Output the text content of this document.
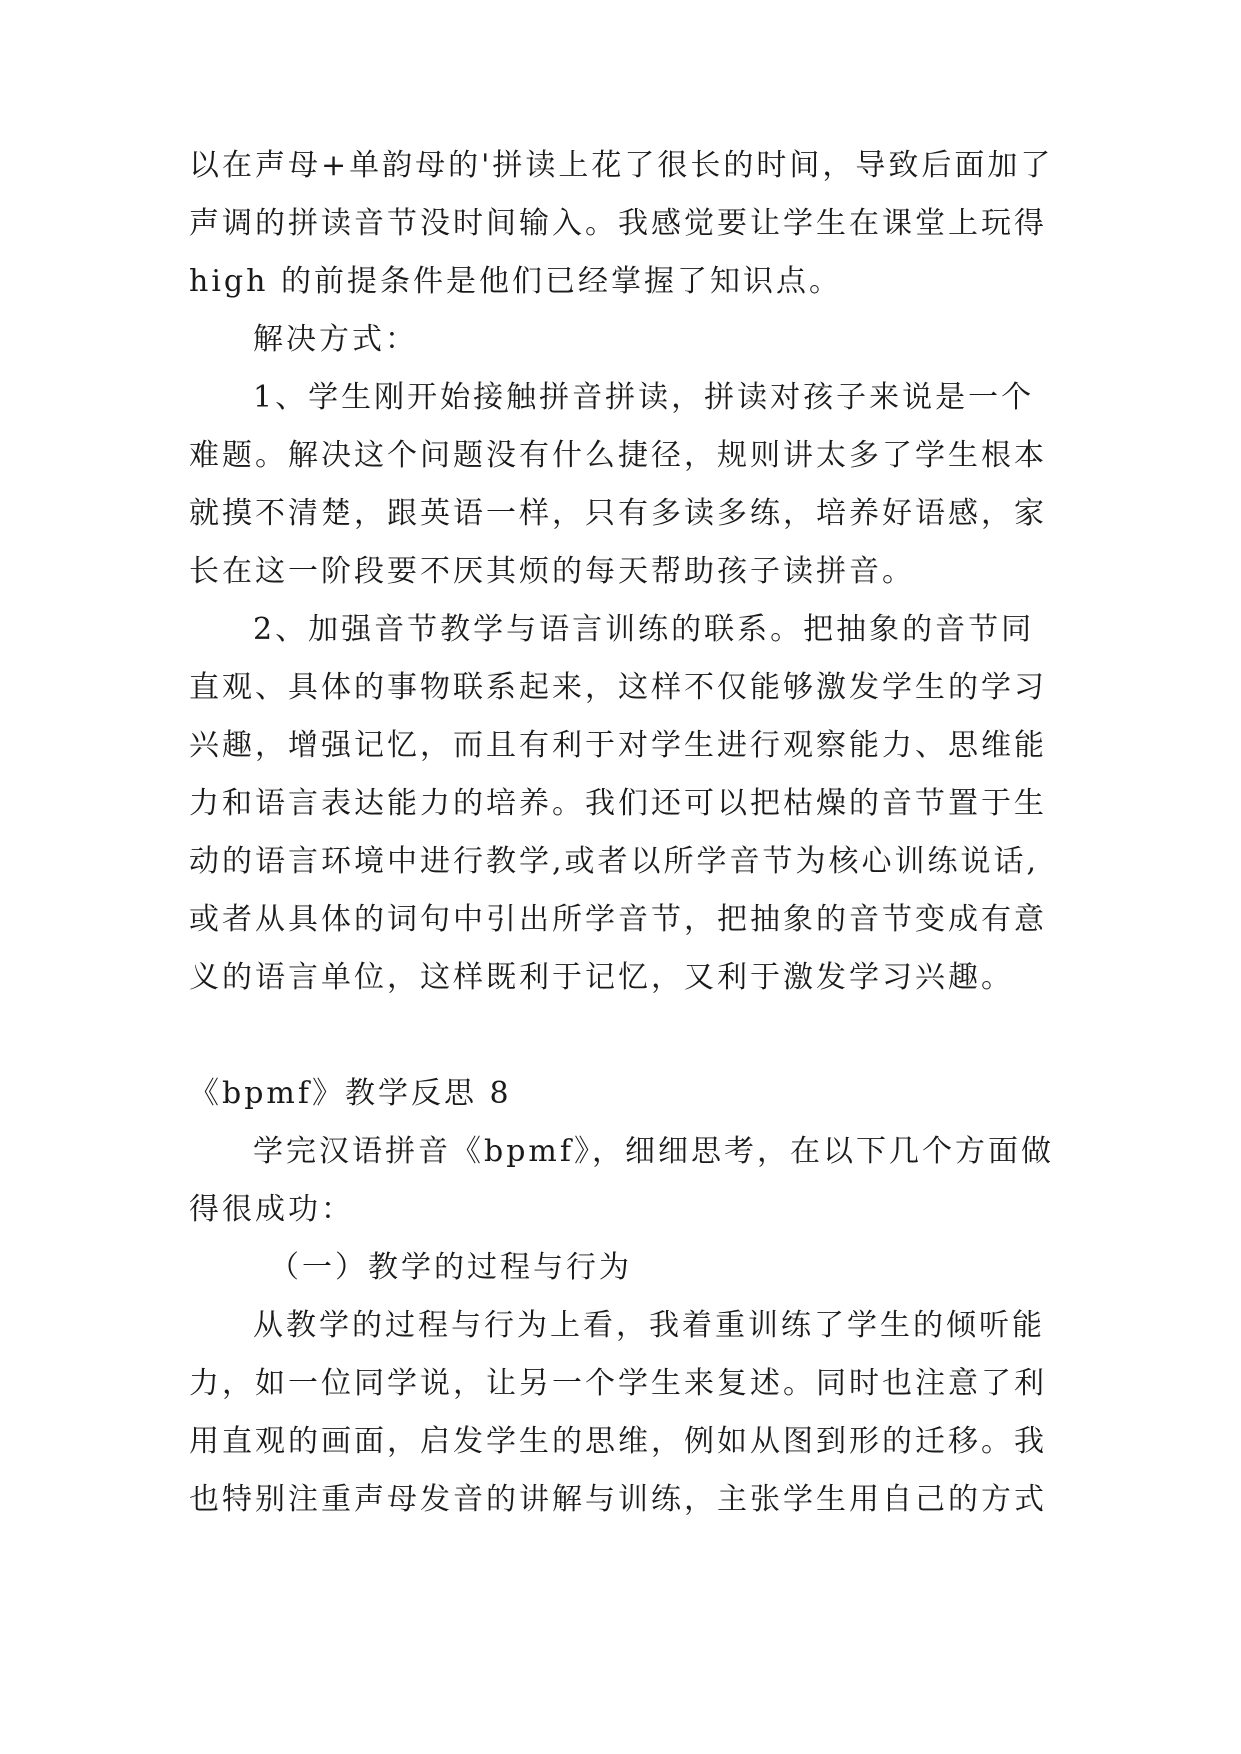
以在声母+单韵母的'拼读上花了很长的时间，导致后面加了
声调的拼读音节没时间输入。我感觉要让学生在课堂上玩得
high 的前提条件是他们已经掌握了知识点。
解决方式：
1、学生刚开始接触拼音拼读，拼读对孩子来说是一个
难题。解决这个问题没有什么捷径，规则讲太多了学生根本
就摸不清楚，跟英语一样，只有多读多练，培养好语感，家
长在这一阶段要不厌其烦的每天帮助孩子读拼音。
2、加强音节教学与语言训练的联系。把抽象的音节同
直观、具体的事物联系起来，这样不仅能够激发学生的学习
兴趣，增强记忆，而且有利于对学生进行观察能力、思维能
力和语言表达能力的培养。我们还可以把枯燥的音节置于生
动的语言环境中进行教学,或者以所学音节为核心训练说话,
或者从具体的词句中引出所学音节，把抽象的音节变成有意
义的语言单位，这样既利于记忆，又利于激发学习兴趣。
《bpmf》教学反思 8
学完汉语拼音《bpmf》，细细思考，在以下几个方面做
得很成功：
（一）教学的过程与行为
从教学的过程与行为上看，我着重训练了学生的倾听能
力，如一位同学说，让另一个学生来复述。同时也注意了利
用直观的画面，启发学生的思维，例如从图到形的迁移。我
也特别注重声母发音的讲解与训练，主张学生用自己的方式
